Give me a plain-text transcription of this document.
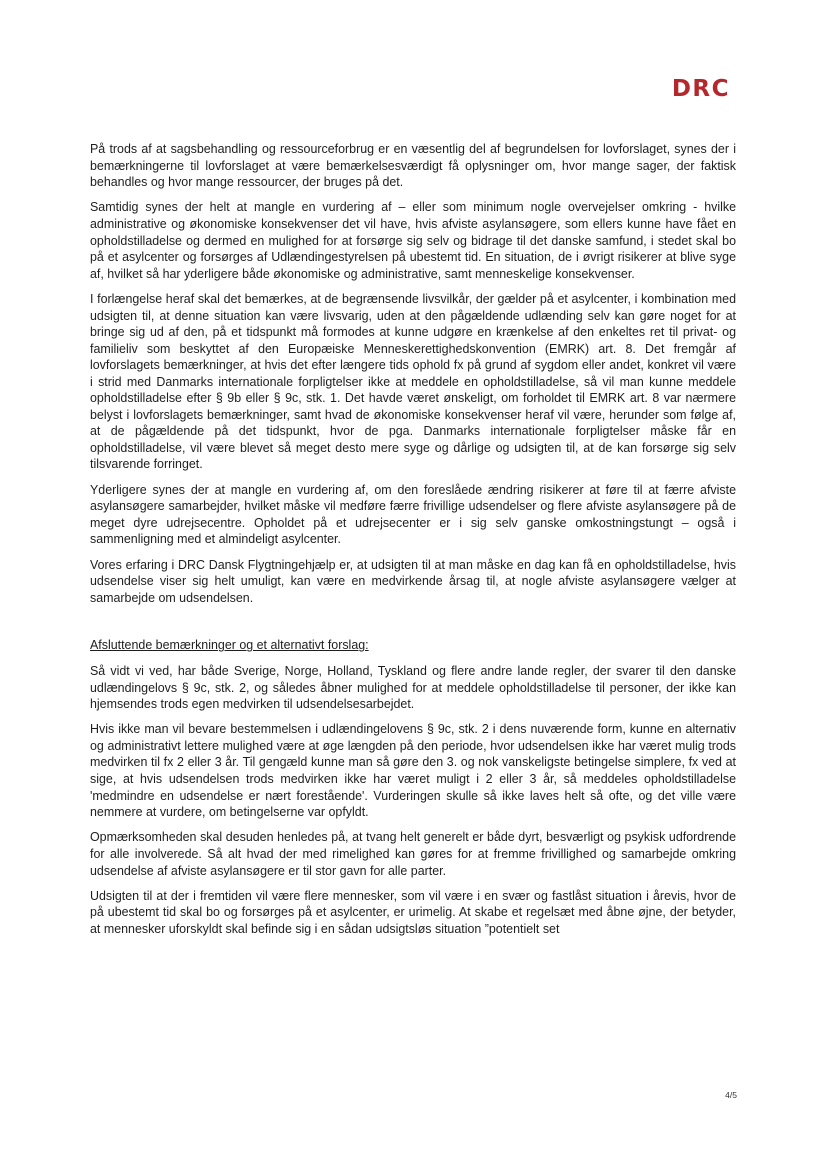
DRC

På trods af at sagsbehandling og ressourceforbrug er en væsentlig del af begrundelsen for lovforslaget, synes der i bemærkningerne til lovforslaget at være bemærkelsesværdigt få oplysninger om, hvor mange sager, der faktisk behandles og hvor mange ressourcer, der bruges på det.

Samtidig synes der helt at mangle en vurdering af – eller som minimum nogle overvejelser omkring - hvilke administrative og økonomiske konsekvenser det vil have, hvis afviste asylansøgere, som ellers kunne have fået en opholdstilladelse og dermed en mulighed for at forsørge sig selv og bidrage til det danske samfund, i stedet skal bo på et asylcenter og forsørges af Udlændingestyrelsen på ubestemt tid. En situation, de i øvrigt risikerer at blive syge af, hvilket så har yderligere både økonomiske og administrative, samt menneskelige konsekvenser.

I forlængelse heraf skal det bemærkes, at de begrænsende livsvilkår, der gælder på et asylcenter, i kombination med udsigten til, at denne situation kan være livsvarig, uden at den pågældende udlænding selv kan gøre noget for at bringe sig ud af den, på et tidspunkt må formodes at kunne udgøre en krænkelse af den enkeltes ret til privat- og familieliv som beskyttet af den Europæiske Menneskerettighedskonvention (EMRK) art. 8. Det fremgår af lovforslagets bemærkninger, at hvis det efter længere tids ophold fx på grund af sygdom eller andet, konkret vil være i strid med Danmarks internationale forpligtelser ikke at meddele en opholdstilladelse, så vil man kunne meddele opholdstilladelse efter § 9b eller § 9c, stk. 1. Det havde været ønskeligt, om forholdet til EMRK art. 8 var nærmere belyst i lovforslagets bemærkninger, samt hvad de økonomiske konsekvenser heraf vil være, herunder som følge af, at de pågældende på det tidspunkt, hvor de pga. Danmarks internationale forpligtelser måske får en opholdstilladelse, vil være blevet så meget desto mere syge og dårlige og udsigten til, at de kan forsørge sig selv tilsvarende forringet.

Yderligere synes der at mangle en vurdering af, om den foreslåede ændring risikerer at føre til at færre afviste asylansøgere samarbejder, hvilket måske vil medføre færre frivillige udsendelser og flere afviste asylansøgere på de meget dyre udrejsecentre. Opholdet på et udrejsecenter er i sig selv ganske omkostningstungt – også i sammenligning med et almindeligt asylcenter.

Vores erfaring i DRC Dansk Flygtningehjælp er, at udsigten til at man måske en dag kan få en opholdstilladelse, hvis udsendelse viser sig helt umuligt, kan være en medvirkende årsag til, at nogle afviste asylansøgere vælger at samarbejde om udsendelsen.

Afsluttende bemærkninger og et alternativt forslag:

Så vidt vi ved, har både Sverige, Norge, Holland, Tyskland og flere andre lande regler, der svarer til den danske udlændingelovs § 9c, stk. 2, og således åbner mulighed for at meddele opholdstilladelse til personer, der ikke kan hjemsendes trods egen medvirken til udsendelsesarbejdet.

Hvis ikke man vil bevare bestemmelsen i udlændingelovens § 9c, stk. 2 i dens nuværende form, kunne en alternativ og administrativt lettere mulighed være at øge længden på den periode, hvor udsendelsen ikke har været mulig trods medvirken til fx 2 eller 3 år. Til gengæld kunne man så gøre den 3. og nok vanskeligste betingelse simplere, fx ved at sige, at hvis udsendelsen trods medvirken ikke har været muligt i 2 eller 3 år, så meddeles opholdstilladelse 'medmindre en udsendelse er nært forestående'. Vurderingen skulle så ikke laves helt så ofte, og det ville være nemmere at vurdere, om betingelserne var opfyldt.

Opmærksomheden skal desuden henledes på, at tvang helt generelt er både dyrt, besværligt og psykisk udfordrende for alle involverede. Så alt hvad der med rimelighed kan gøres for at fremme frivillighed og samarbejde omkring udsendelse af afviste asylansøgere er til stor gavn for alle parter.

Udsigten til at der i fremtiden vil være flere mennesker, som vil være i en svær og fastlåst situation i årevis, hvor de på ubestemt tid skal bo og forsørges på et asylcenter, er urimelig. At skabe et regelsæt med åbne øjne, der betyder, at mennesker uforskyldt skal befinde sig i en sådan udsigtsløs situation ”potentielt set

4/5
